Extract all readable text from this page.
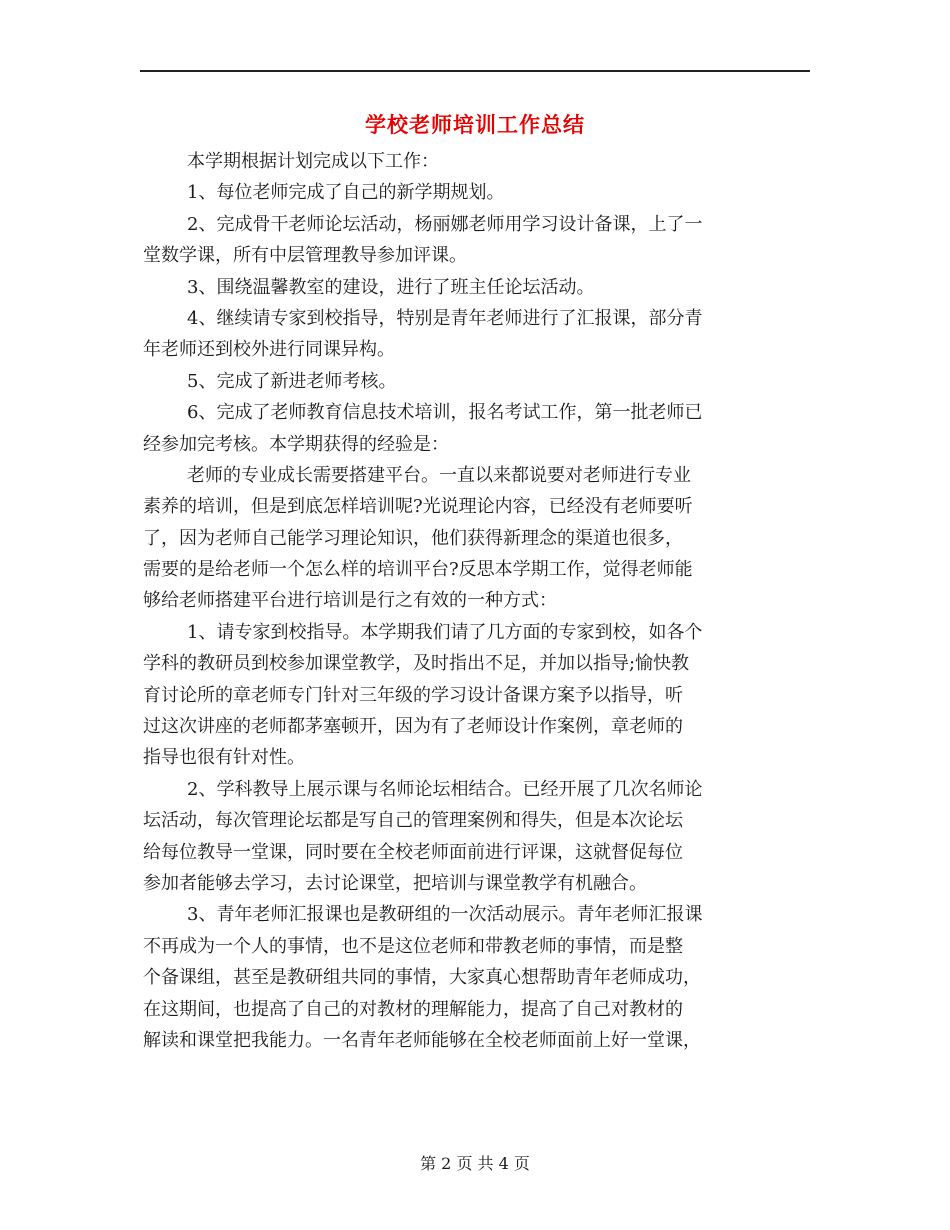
学校老师培训工作总结
本学期根据计划完成以下工作：
1、每位老师完成了自己的新学期规划。
2、完成骨干老师论坛活动，杨丽娜老师用学习设计备课，上了一
堂数学课，所有中层管理教导参加评课。
3、围绕温馨教室的建设，进行了班主任论坛活动。
4、继续请专家到校指导，特别是青年老师进行了汇报课，部分青
年老师还到校外进行同课异构。
5、完成了新进老师考核。
6、完成了老师教育信息技术培训，报名考试工作，第一批老师已
经参加完考核。本学期获得的经验是：
老师的专业成长需要搭建平台。一直以来都说要对老师进行专业
素养的培训，但是到底怎样培训呢?光说理论内容，已经没有老师要听
了，因为老师自己能学习理论知识，他们获得新理念的渠道也很多，
需要的是给老师一个怎么样的培训平台?反思本学期工作，觉得老师能
够给老师搭建平台进行培训是行之有效的一种方式：
1、请专家到校指导。本学期我们请了几方面的专家到校，如各个
学科的教研员到校参加课堂教学，及时指出不足，并加以指导;愉快教
育讨论所的章老师专门针对三年级的学习设计备课方案予以指导，听
过这次讲座的老师都茅塞顿开，因为有了老师设计作案例，章老师的
指导也很有针对性。
2、学科教导上展示课与名师论坛相结合。已经开展了几次名师论
坛活动，每次管理论坛都是写自己的管理案例和得失，但是本次论坛
给每位教导一堂课，同时要在全校老师面前进行评课，这就督促每位
参加者能够去学习，去讨论课堂，把培训与课堂教学有机融合。
3、青年老师汇报课也是教研组的一次活动展示。青年老师汇报课
不再成为一个人的事情，也不是这位老师和带教老师的事情，而是整
个备课组，甚至是教研组共同的事情，大家真心想帮助青年老师成功，
在这期间，也提高了自己的对教材的理解能力，提高了自己对教材的
解读和课堂把我能力。一名青年老师能够在全校老师面前上好一堂课，
第 2 页 共 4 页
